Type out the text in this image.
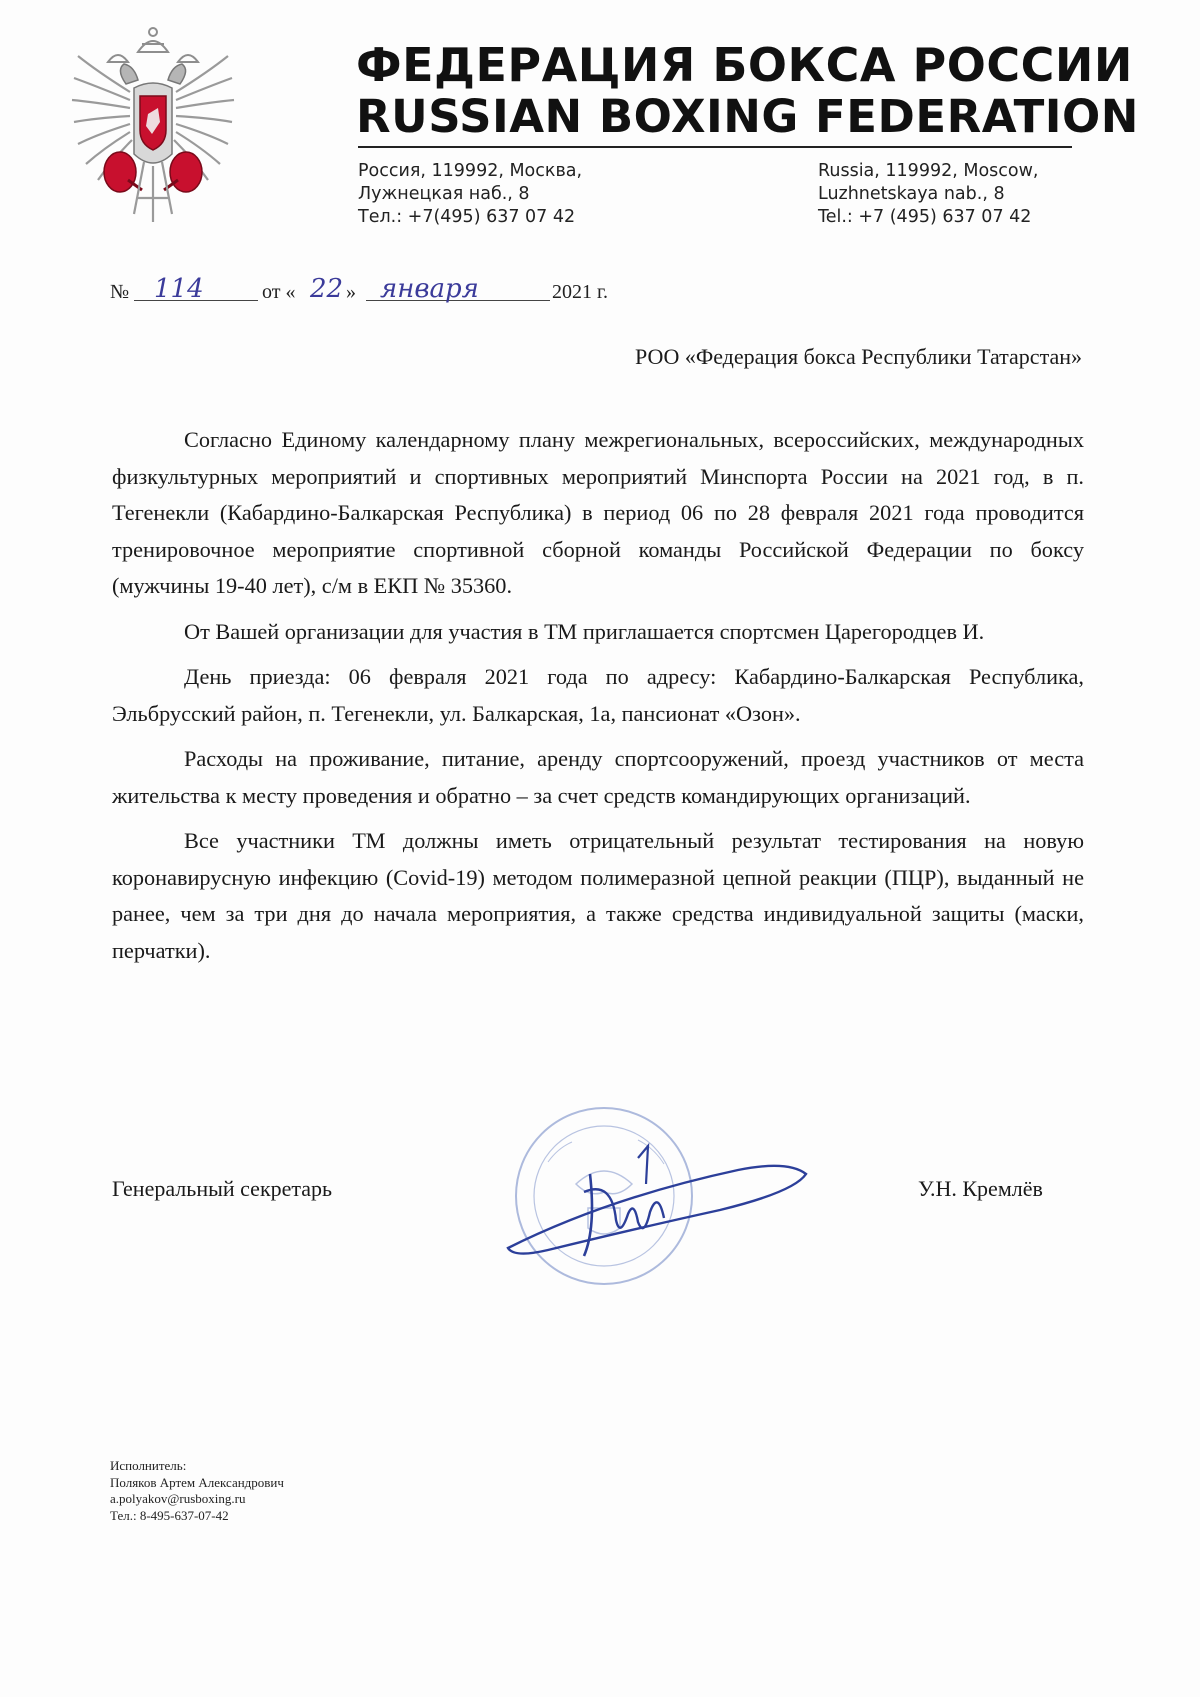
ФЕДЕРАЦИЯ БОКСА РОССИИ
RUSSIAN BOXING FEDERATION
Россия, 119992, Москва,
Лужнецкая наб., 8
Тел.: +7(495) 637 07 42
Russia, 119992, Moscow,
Luzhnetskaya nab., 8
Tel.: +7 (495) 637 07 42
№ 114	от « 22 » января	2021 г.
РОО «Федерация бокса Республики Татарстан»

Согласно Единому календарному плану межрегиональных, всероссийских, международных физкультурных мероприятий и спортивных мероприятий Минспорта России на 2021 год, в п. Тегенекли (Кабардино-Балкарская Республика) в период 06 по 28 февраля 2021 года проводится тренировочное мероприятие спортивной сборной команды Российской Федерации по боксу (мужчины 19-40 лет), с/м в ЕКП № 35360.

От Вашей организации для участия в ТМ приглашается спортсмен Цaрегородцев И.

День приезда: 06 февраля 2021 года по адресу: Кабардино-Балкарская Республика, Эльбрусский район, п. Тегенекли, ул. Балкарская, 1а, пансионат «Озон».

Расходы на проживание, питание, аренду спортсооружений, проезд участников от места жительства к месту проведения и обратно – за счет средств командирующих организаций.

Все участники ТМ должны иметь отрицательный результат тестирования на новую коронавирусную инфекцию (Covid-19) методом полимеразной цепной реакции (ПЦР), выданный не ранее, чем за три дня до начала мероприятия, а также средства индивидуальной защиты (маски, перчатки).

Генеральный секретарь	У.Н. Кремлёв
Исполнитель:
Поляков Артем Александрович
a.polyakov@rusboxing.ru
Тел.: 8-495-637-07-42
